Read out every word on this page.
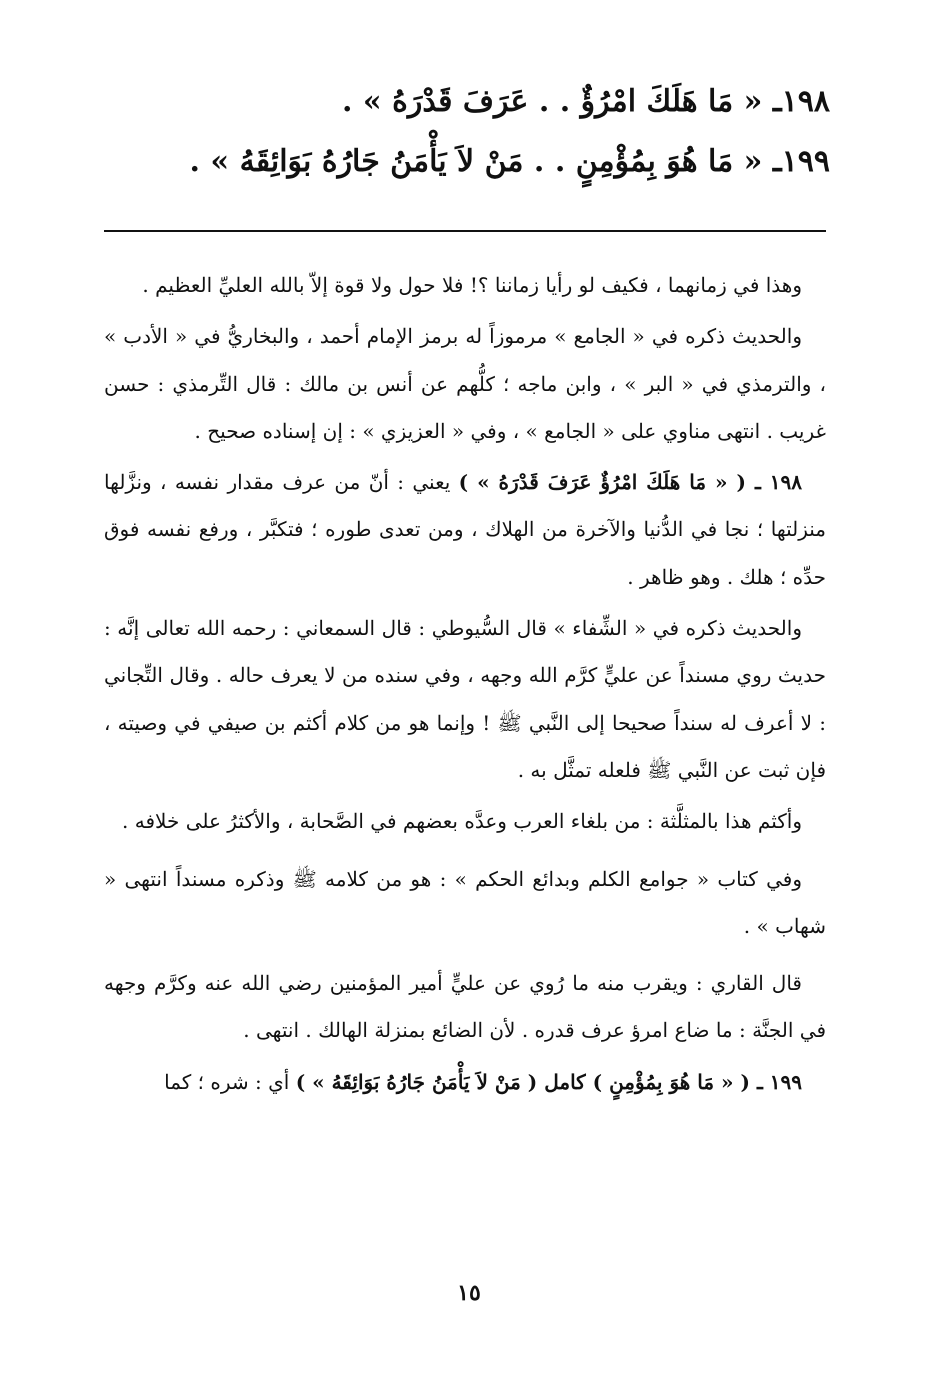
١٩٨ـ « مَا هَلَكَ امْرُؤٌ . . عَرَفَ قَدْرَهُ » .
١٩٩ـ « مَا هُوَ بِمُؤْمِنٍ . . مَنْ لاَ يَأْمَنُ جَارُهُ بَوَائِقَهُ » .

وهذا في زمانهما ، فكيف لو رأيا زماننا ؟! فلا حول ولا قوة إلاّ بالله العليِّ العظيم .

والحديث ذكره في « الجامع » مرموزاً له برمز الإمام أحمد ، والبخاريُّ في « الأدب » ، والترمذي في « البر » ، وابن ماجه ؛ كلُّهم عن أنس بن مالك : قال التِّرمذي : حسن غريب . انتهى مناوي على « الجامع » ، وفي « العزيزي » : إن إسناده صحيح .

١٩٨ ـ ( « مَا هَلَكَ امْرُؤٌ عَرَفَ قَدْرَهُ » ) يعني : أنّ من عرف مقدار نفسه ، ونزَّلها منزلتها ؛ نجا في الدُّنيا والآخرة من الهلاك ، ومن تعدى طوره ؛ فتكبَّر ، ورفع نفسه فوق حدِّه ؛ هلك . وهو ظاهر .

والحديث ذكره في « الشِّفاء » قال السُّيوطي : قال السمعاني : رحمه الله تعالى إنَّه : حديث روي مسنداً عن عليٍّ كرَّم الله وجهه ، وفي سنده من لا يعرف حاله . وقال التِّجاني : لا أعرف له سنداً صحيحا إلى النَّبي ﷺ ! وإنما هو من كلام أكثم بن صيفي في وصيته ، فإن ثبت عن النَّبي ﷺ فلعله تمثَّل به .

وأكثم هذا بالمثلَّثة : من بلغاء العرب وعدَّه بعضهم في الصَّحابة ، والأكثرُ على خلافه .

وفي كتاب « جوامع الكلم وبدائع الحكم » : هو من كلامه ﷺ وذكره مسنداً انتهى « شهاب » .

قال القاري : ويقرب منه ما رُوي عن عليٍّ أمير المؤمنين رضي الله عنه وكرَّم وجهه في الجنَّة : ما ضاع امرؤ عرف قدره . لأن الضائع بمنزلة الهالك . انتهى .

١٩٩ ـ ( « مَا هُوَ بِمُؤْمِنٍ ) كامل ( مَنْ لاَ يَأْمَنُ جَارُهُ بَوَائِقَهُ » ) أي : شره ؛ كما

١٥
